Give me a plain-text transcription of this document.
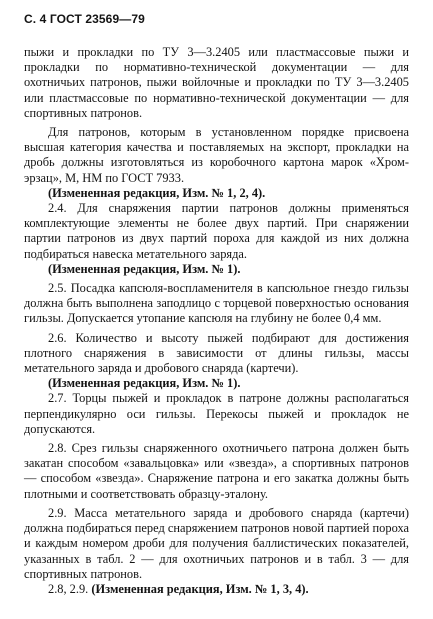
С. 4 ГОСТ 23569—79

пыжи и прокладки по ТУ 3—3.2405 или пластмассовые пыжи и прокладки по нормативно-технической документации — для охотничьих патронов, пыжи войлочные и прокладки по ТУ 3—3.2405 или пластмассовые по нормативно-технической документации — для спортивных патронов.

Для патронов, которым в установленном порядке присвоена высшая категория качества и поставляемых на экспорт, прокладки на дробь должны изготовляться из коробочного картона марок «Хром-эрзац», М, НМ по ГОСТ 7933.

(Измененная редакция, Изм. № 1, 2, 4).

2.4. Для снаряжения партии патронов должны применяться комплектующие элементы не более двух партий. При снаряжении партии патронов из двух партий пороха для каждой из них должна подбираться навеска метательного заряда.

(Измененная редакция, Изм. № 1).

2.5. Посадка капсюля-воспламенителя в капсюльное гнездо гильзы должна быть выполнена заподлицо с торцевой поверхностью основания гильзы. Допускается утопание капсюля на глубину не более 0,4 мм.

2.6. Количество и высоту пыжей подбирают для достижения плотного снаряжения в зависимости от длины гильзы, массы метательного заряда и дробового снаряда (картечи).

(Измененная редакция, Изм. № 1).

2.7. Торцы пыжей и прокладок в патроне должны располагаться перпендикулярно оси гильзы. Перекосы пыжей и прокладок не допускаются.

2.8. Срез гильзы снаряженного охотничьего патрона должен быть закатан способом «завальцовка» или «звезда», а спортивных патронов — способом «звезда». Снаряжение патрона и его закатка должны быть плотными и соответствовать образцу-эталону.

2.9. Масса метательного заряда и дробового снаряда (картечи) должна подбираться перед снаряжением патронов новой партией пороха и каждым номером дроби для получения баллистических показателей, указанных в табл. 2 — для охотничьих патронов и в табл. 3 — для спортивных патронов.

2.8, 2.9. (Измененная редакция, Изм. № 1, 3, 4).
